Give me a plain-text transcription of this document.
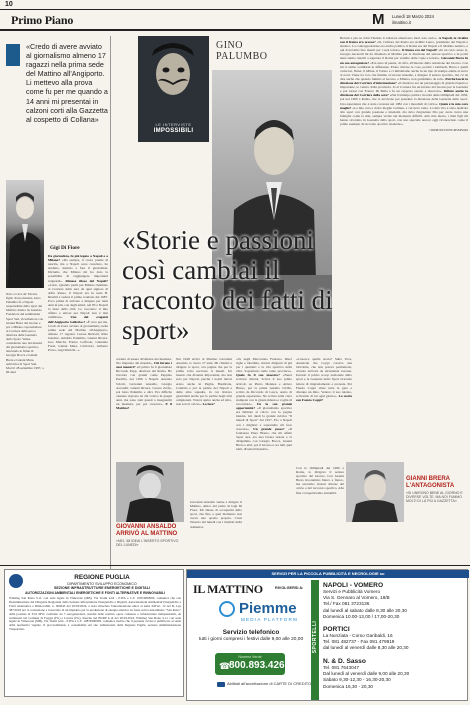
10
Primo Piano	M Lunedì 18 Marzo 2024
ilmattino.it
«Credo di avere avviato al giornalismo almeno 17 ragazzi nella prima sede del Mattino all'Angiporto. Li mettevo alla prova come fu per me quando a 14 anni mi presentai in calzoni corti alla Gazzetta al cospetto di Collana»
Gigi Di Fiore
Nato a Cava de' Tirreni, figlio di un ebanista, Gino Palumbo fu a Napoli responsabile dello sport del Mattino diretto da Ansaldo. Fondatore del settimanale Sport Sud, vicedirettore con Giannì Brera del Giorno e poi a Milano caporedattore al Corriere della sera e direttore della Gazzetta dello Sport. Venne considerato uno dei maestri del giornalismo sportivo, lanciando le firme di Giorgio Bocca e Gianni Brera e Gianni Mura, nell'ottica di Sport Sud. Morì il 28 settembre 1987, a 66 anni
Da giornalista, fu più legato a Napoli o a Milano? «Da sempre, il cuore preme di nascita, ma a Napoli sono cresciuto, ho studiato, iniziato a fare il giornalista. Diciamo che Milano mi ha dato la possibilità di raggiungere importanti traguardi». Rimase tifoso del Napoli? «Certo. Quando partii per Milano chiamato al Corriere della sera da quel signore di Alfio Russo, il Napoli era in serie B. Risaliti a vedere il primo scudetto del 1987. Poco prima di arrivare a dirigere per tanti anni in più, con degli amici, nel 83 a Napoli la festa della città. Lo racconto: il mio affetto e amore per Napoli non è mai cambiato». Uno del «ragazzi dell'Angiporto Galleria»? «È vero per me. Credo di avere avviato al giornalismo, nella prima sede del Mattino all'Angiporto, almeno 17 ragazzi. Cesare Rizzotti, Rino Giudice, Arnaldo Palumbo, Gianni Rivera, Geo Marchi, Franco Loffredo, Giannino Fuoti, Gianni Mura, Calciatori, Gilberto Pravo, Gigi Marichi...».
LE INTERVISTE
IMPOSSIBILI
GINO PALUMBO
«Storie e passioni così cambiai il racconto dei fatti di sport»
Berruti e più su John Thomas il saltatore americano fuori solo serio». A Napoli, la rivalità con il Roma era accesa? «Sì, l'editore del Roma era Achille Lauro, presidente del Napoli e sindaco. La contrapposizione era anche politica, il Roma era del Napoli e il Mattino nemico, e qui dovevamo fare inserti per i suoi lettori». Il Roma era del Napoli? «In un certo senso sì, Giorgio Ascarelli mi ha chiamato al Mattino per la direzione del settore sportivo e in pochi mesi siamo riusciti a superare il Roma per vendite delle copie e lettori». Giovanni Brera fu un suo antagonista? «Era stato di penna, di cifra, all'interno della redazione del Giorno. Con lui ci siamo scambiati le differenze. Erano diverse le cose, perché i lombardi, Brera e quelli come lui, l'Inter, il Milan, il Torino e ci imbattiamo anche in un tipo di stampa adatta al sud e al nord. Viene tra loro che fummo al Giorno insieme, a dirigere il settore sportivo, ma c'è da dire anche che quando fummo al Giorno, a Milano, non guidammo da soli». Perché lasciò la direzione del Corriere d'informazione? «Il direttore era un personaggio di grande rispetto e importante, io venivo dalla provincia. Io al Corriere fui un inviato del Giorno per la Gazzetta e poi tornai con Franco Di Bella e fu un rapporto sereno e durevole». Rifiutò anche la direzione del Corriere della sera? «Nel frattempo prima i tirocini delle Olimpiadi del 1956, poi nel 1960 a Roma, che ci servirono per prendere la direzione della Gazzetta dello sport. Una esperienza che è stata coronata nel 1982 con i mondiali di calcio». Quale è la mia cara moglie? «La mia cara e dolce moglie Carmen, a cui devo tanto. La mia vita è stata dedicata allo sport con grande passione e intensità, ma devo ringraziare Dio per avere avuto una famiglia come la mia, sempre vicina nei momenti difficili. Alla mia morte, i miei figli mi hanno ricordato in Gazzetta dello sport, con uno speciale ancora oggi riconosciuto come il primo esempio di racconto sportivo moderno».
©RIPRODUZIONE RISERVATA
credere di essere all'altezza del mestiere, l'ho imparato dai maestri». Chi furono i suoi maestri? «Il primo fu il giornalista Riccardo Pepp, direttore del Roma. Ho lavorato con grandi come Peppino Paolillo, nel 1956 a Napoli. Antonio Sciotti, Giovanni Ansaldo, Giorgio Ascarelli, Gianni Rivera, Cesare Zerbo, poi Gino Palumbo e altri. Era difficile ottenere risposta da chi volevo in quegli anni, ma sono stati questi a insegnarmi un mestiere, per poi crescere». E il Mattino?
Nel 1948 arrivò al Mattino Giovanni Ansaldo, io avevo 27 anni. Mi chiamò a dirigere lo sport, con pagine che per la prima volta uscirono il lunedì. Un inserto che divenne importante, ma non solo per Napoli, perché i nostri lettori erano anche in Puglia, Basilicata, Calabria e poi le partite del Napoli e delle altre squadre, in cui inviavo giornalisti anche per le partite degli altri campionati. Voleva aprire anche ad altro, non solo il calcio». La fece?
«Sì, negli Macrostato Fratrano. Dieci righe e tabellino, inviati dirigenti di già per i quartieri e la vita sportiva della città. Soprattutto nelle tante province». Quale fu il suo maestro? «Nerei scrivere diversi. Scrive il suo primo articolo su Pietro Mennea e Arturo Bruno, poi la prima Aurelio Cirillo, scritto da Riccardo di Lasca, uomo di grande esperienza. Ne scrissi sulla carta stampata con la giusta misura e voglia di raccontare». Fu la sua grande opportunità? «Il giornalismo sportivo era limitato al calcio con la pagina interna. Gli diedi la grande rubrica "Il lunedì di Sport" dal 1957. Ero a Napoli con i migliori e soprattutto mi fece crescere». Un grande passo? «Il fondatore Piero Bruno, che mi affidò Sport sud, era una buona testata e la dirigemmo con Giorgio Bocca, Gianni Brera e altri, poi il Giorno e ora tutti quei tanti, diventati maestri».
«Conosce quella storia? Sulla Voce, annunciai che Coppi correva una bicicletta, che non poteva permettersi, dovette arrivare da un'azienda toscana. Inventò il primo scoop nazionale dello sport e la Gazzetta dello Sport ricevette lettere di ringraziamento e proteste. Poi Fausto Coppi vinse tutte le gare e divenne un mito. Vedevo il suo talento, scrivendo di lui ogni giorno». La storia con Fausto Coppi?
GIOVANNI ANSALDO ARRIVÒ AL MATTINO
«NEL '48 IDEAI L'INSERTO SPORTIVO DEL LUNEDÌ»
GIANNI BRERA L'ANTAGONISTA
«SI UNIRONO BENE AL GIORNO E DIVERSE VOLTE, MA NOI FUMMO MOLTI DI LÀ PIÙ A GAZZETTA»
Giovanni Ansaldo venne a dirigere il Mattino, amico del padre di Gigi Di Fiore. Mi chiese di occuparmi dello sport, che fino a quel momento non aveva uno spazio proprio. Creai l'inserto del lunedì con i risultati della domenica.
Con le Olimpiadi del 1960 a Roma, io dirigevo il settore sportivo del Giorno. Con Gianni Brera lavorammo fianco a fianco, ma avevamo visioni diverse del calcio e del racconto sportivo. Alla fine ci rispettavamo entrambi.
REGIONE PUGLIA
DIPARTIMENTO SVILUPPO ECONOMICO
SEZIONE INFRASTRUTTURE ENERGETICHE E DIGITALI
AUTORIZZAZIONI AMBIENTALI ENERGETICHE E FONTI ALTERNATIVE E RINNOVABILI
Windleg San Rotto S.r.l. con sede legale in Vimercate (MB), Via Tremi n.64 - P.IVA e C.F. 10874990969, comunica che con Determinazione del Dirigente Regionale della Sezione Infrastrutture Energetiche e Digitali, Autorizzazioni Ambientali Energetiche e Fonti Alternative e Rinnovabili, n. 000043 del 26/03/2024, è stata rilasciata l'autorizzazione unica ai sensi dell'art. 12 del D. Lgs 387/2003 per la costruzione e l'esercizio di un impianto per la produzione di energia elettrica da fonte eolica denominato "San Rotto" della potenza di 33,6 MW, costituito da 7 aerogeneratori, nonché delle relative opere connesse e infrastrutture indispensabili, da realizzarsi nel Comune di Foggia (FG) e Lucera (FG), inserito nel BURP n.14 del 28.03.2024. Windleg San Rotto S.r.l. con sede legale in Vimercate (MB), Via Tremi n.64 - P.IVA e C.F. 10874990969, comunica inoltre che il presente avviso è pubblicato ai sensi della normativa vigente. Il provvedimento è consultabile sul sito istituzionale della Regione Puglia, sezione Amministrazione Trasparente.
SERVIZI PER LA PICCOLA PUBBLICITÀ E NECROLOGIE su
IL MATTINO	RIVOLGERSI A:
Piemme
MEDIA PLATFORM
Servizio telefonico
tutti i giorni compresi i festivi dalle 9,00 alle 20,00
Numero Verde
☎
800.893.426
Abilitati all'accettazione di CARTE DI CREDITO
SPORTELLI
NAPOLI - VOMERO
Servizi e Pubblicità Vomero
Via S. Gennaro al Vomero, 18/B
Tel./ Fax 081 3723136
dal lunedì al sabato dalle 8,30 alle 20,30
Domenica 10.00-13,00 / 17,00-20,30
PORTICI
La Nunziata - Corso Garibaldi, 16
Tel. 081 482737 - Fax 081 479919
dal lunedì al venerdì dalle 8,30 alle 20,30
N. & D. Sasso
Tel. 081 7643047
Dal lunedì al venerdì dalle 9,00 alle 20,30
Sabato 9,30-12,30 - 16,30-20,30
Domenica 16,30 - 20,30
